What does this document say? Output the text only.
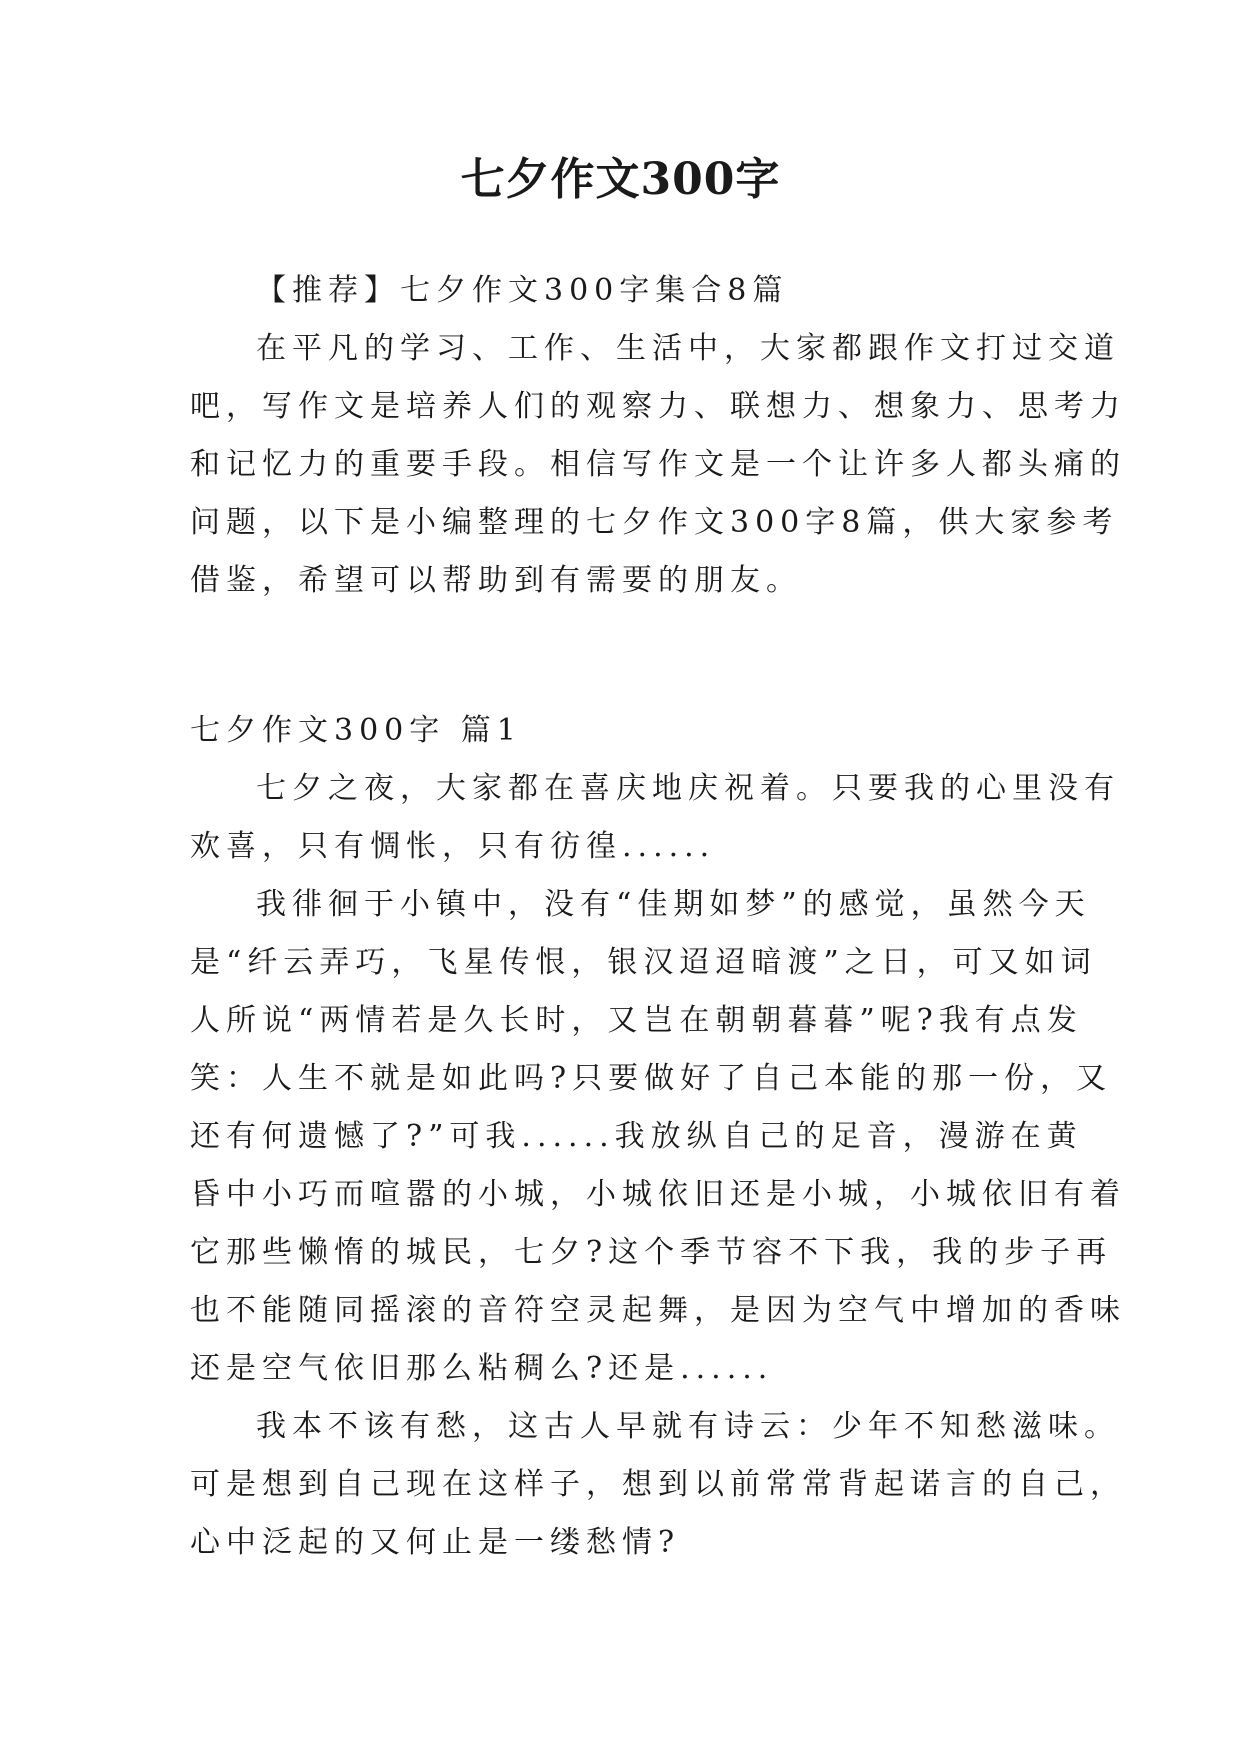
七夕作文300字
【推荐】七夕作文300字集合8篇
在平凡的学习、工作、生活中，大家都跟作文打过交道
吧，写作文是培养人们的观察力、联想力、想象力、思考力
和记忆力的重要手段。相信写作文是一个让许多人都头痛的
问题，以下是小编整理的七夕作文300字8篇，供大家参考
借鉴，希望可以帮助到有需要的朋友。
七夕作文300字 篇1
七夕之夜，大家都在喜庆地庆祝着。只要我的心里没有
欢喜，只有惆怅，只有彷徨......
我徘徊于小镇中，没有“佳期如梦”的感觉，虽然今天
是“纤云弄巧，飞星传恨，银汉迢迢暗渡”之日，可又如词
人所说“两情若是久长时，又岂在朝朝暮暮”呢?我有点发
笑：人生不就是如此吗?只要做好了自己本能的那一份，又
还有何遗憾了?”可我......我放纵自己的足音，漫游在黄
昏中小巧而喧嚣的小城，小城依旧还是小城，小城依旧有着
它那些懒惰的城民，七夕?这个季节容不下我，我的步子再
也不能随同摇滚的音符空灵起舞，是因为空气中增加的香味
还是空气依旧那么粘稠么?还是......
我本不该有愁，这古人早就有诗云：少年不知愁滋味。
可是想到自己现在这样子，想到以前常常背起诺言的自己，
心中泛起的又何止是一缕愁情?
